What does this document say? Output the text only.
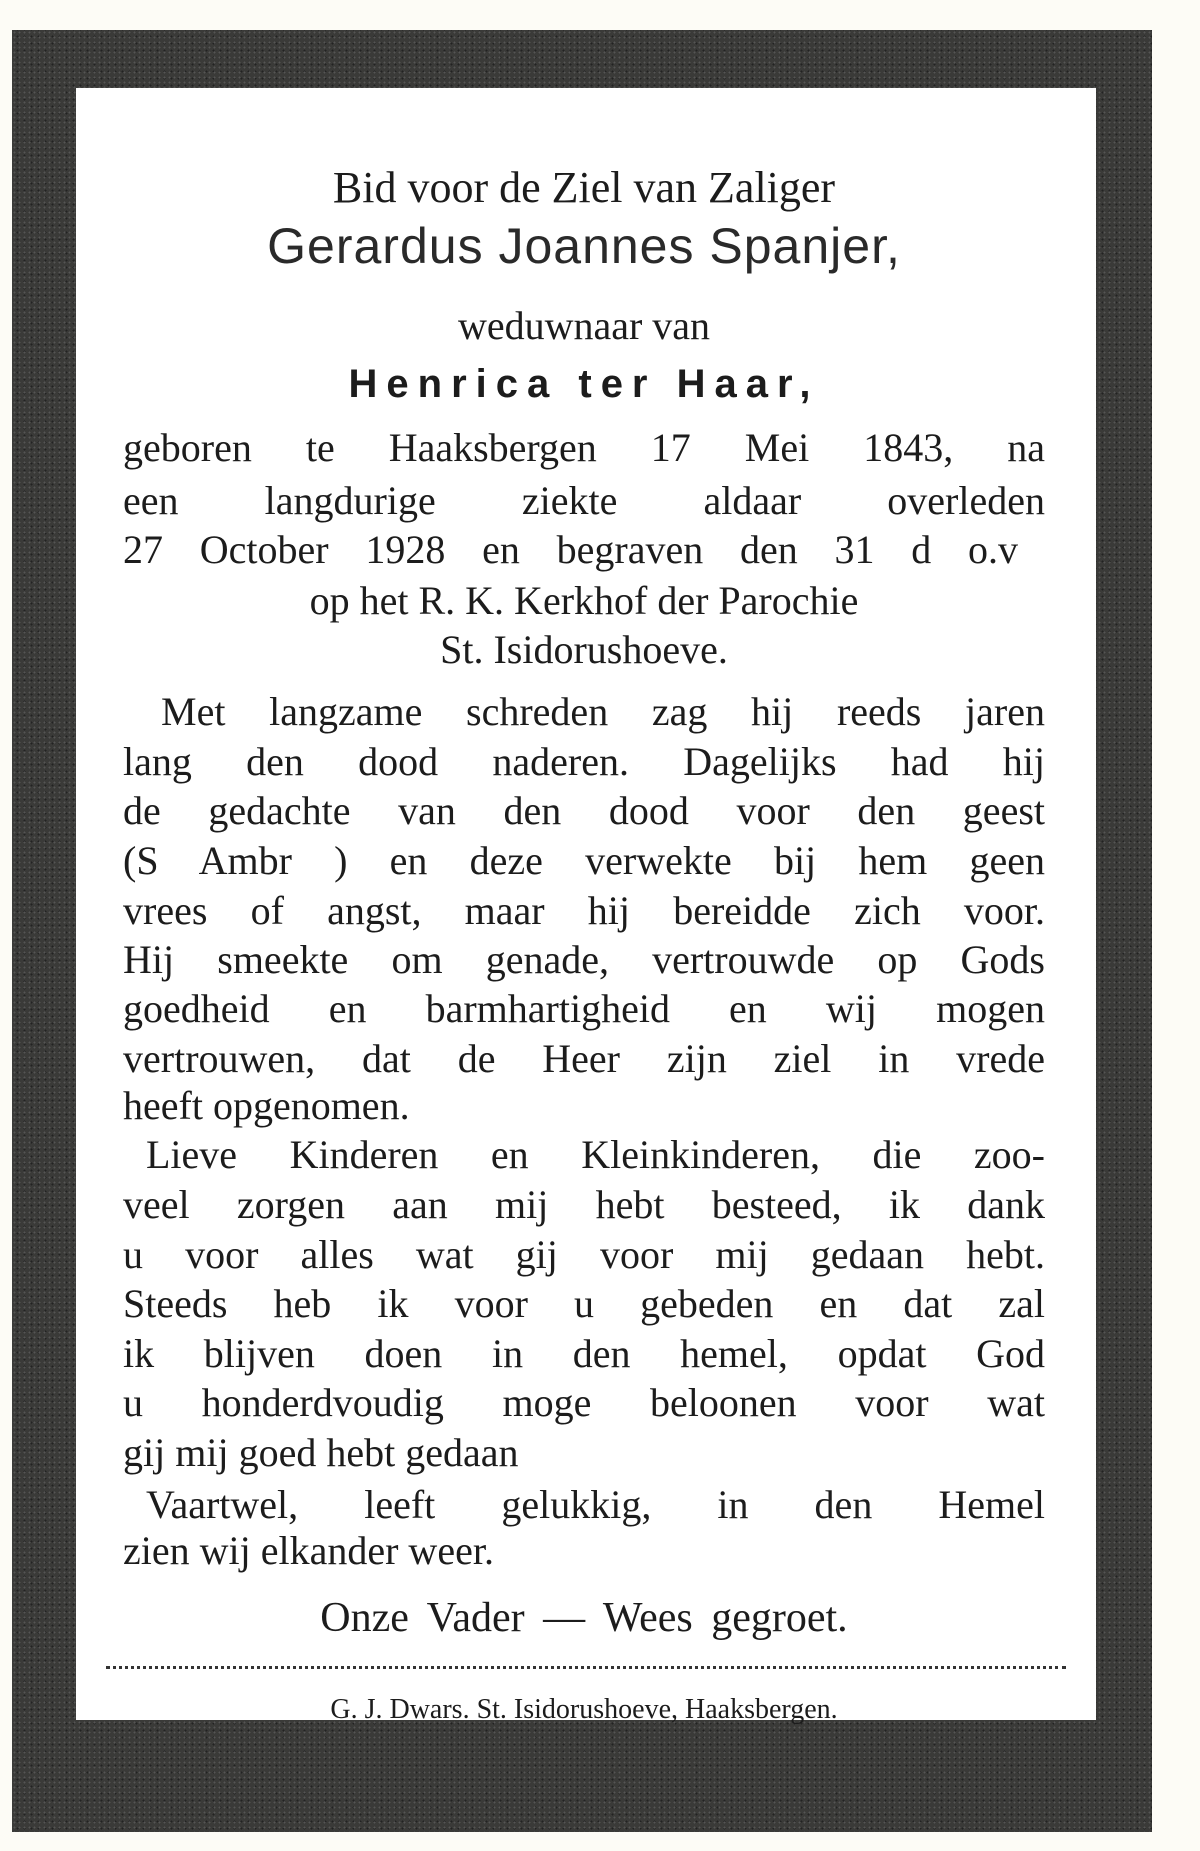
Bid voor de Ziel van Zaliger
Gerardus Joannes Spanjer,
weduwnaar van
Henrica ter Haar,
geboren te Haaksbergen 17 Mei 1843, na
een langdurige ziekte aldaar overleden
27 October 1928 en begraven den 31 d o.v
op het R. K. Kerkhof der Parochie
St. Isidorushoeve.
Met langzame schreden zag hij reeds jaren
lang den dood naderen. Dagelijks had hij
de gedachte van den dood voor den geest
(S Ambr ) en deze verwekte bij hem geen
vrees of angst, maar hij bereidde zich voor.
Hij smeekte om genade, vertrouwde op Gods
goedheid en barmhartigheid en wij mogen
vertrouwen, dat de Heer zijn ziel in vrede
heeft opgenomen.
Lieve Kinderen en Kleinkinderen, die zoo-
veel zorgen aan mij hebt besteed, ik dank
u voor alles wat gij voor mij gedaan hebt.
Steeds heb ik voor u gebeden en dat zal
ik blijven doen in den hemel, opdat God
u honderdvoudig moge beloonen voor wat
gij mij goed hebt gedaan
Vaartwel, leeft gelukkig, in den Hemel
zien wij elkander weer.
Onze Vader — Wees gegroet.
G. J. Dwars. St. Isidorushoeve, Haaksbergen.
